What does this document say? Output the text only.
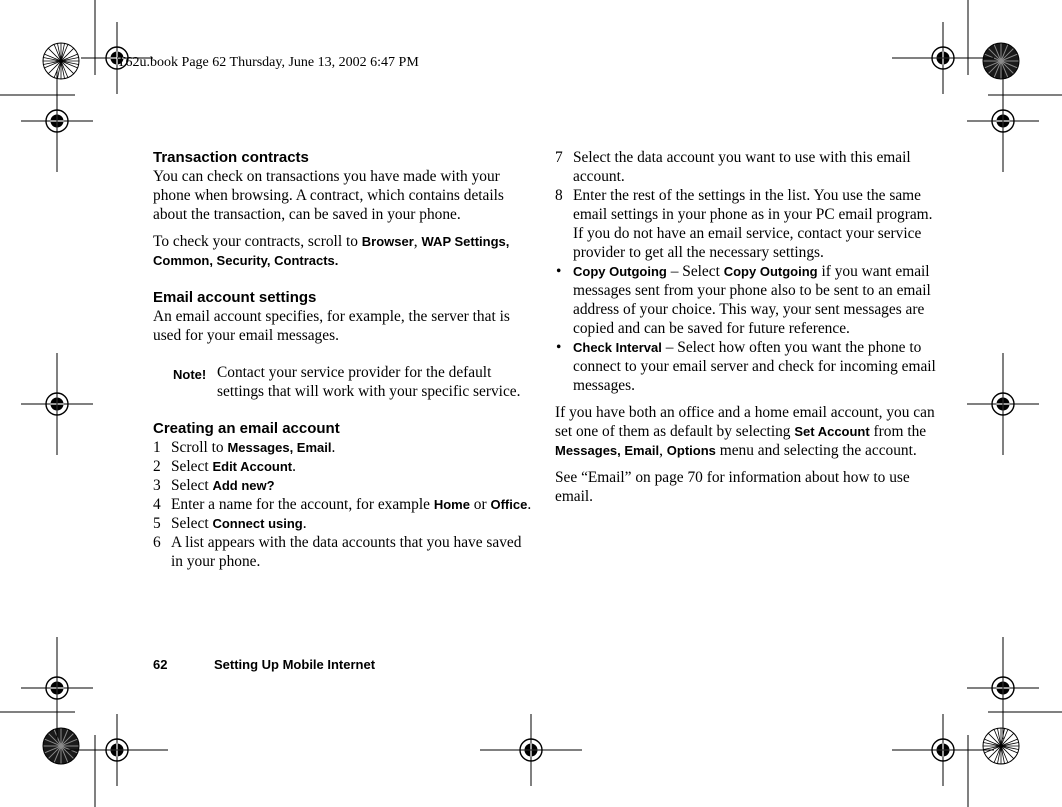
T62u.book Page 62 Thursday, June 13, 2002 6:47 PM
Transaction contracts

You can check on transactions you have made with your phone when browsing. A contract, which contains details about the transaction, can be saved in your phone.

To check your contracts, scroll to Browser, WAP Settings, Common, Security, Contracts.

Email account settings

An email account specifies, for example, the server that is used for your email messages.

Note! Contact your service provider for the default settings that will work with your specific service.
Creating an email account
1 Scroll to Messages, Email.
2 Select Edit Account.
3 Select Add new?
4 Enter a name for the account, for example Home or Office.
5 Select Connect using.
6 A list appears with the data accounts that you have saved in your phone.
7 Select the data account you want to use with this email account.
8 Enter the rest of the settings in the list. You use the same email settings in your phone as in your PC email program.
If you do not have an email service, contact your service provider to get all the necessary settings.
• Copy Outgoing – Select Copy Outgoing if you want email messages sent from your phone also to be sent to an email address of your choice. This way, your sent messages are copied and can be saved for future reference.
• Check Interval – Select how often you want the phone to connect to your email server and check for incoming email messages.

If you have both an office and a home email account, you can set one of them as default by selecting Set Account from the Messages, Email, Options menu and selecting the account.

See “Email” on page 70 for information about how to use email.

62	Setting Up Mobile Internet
